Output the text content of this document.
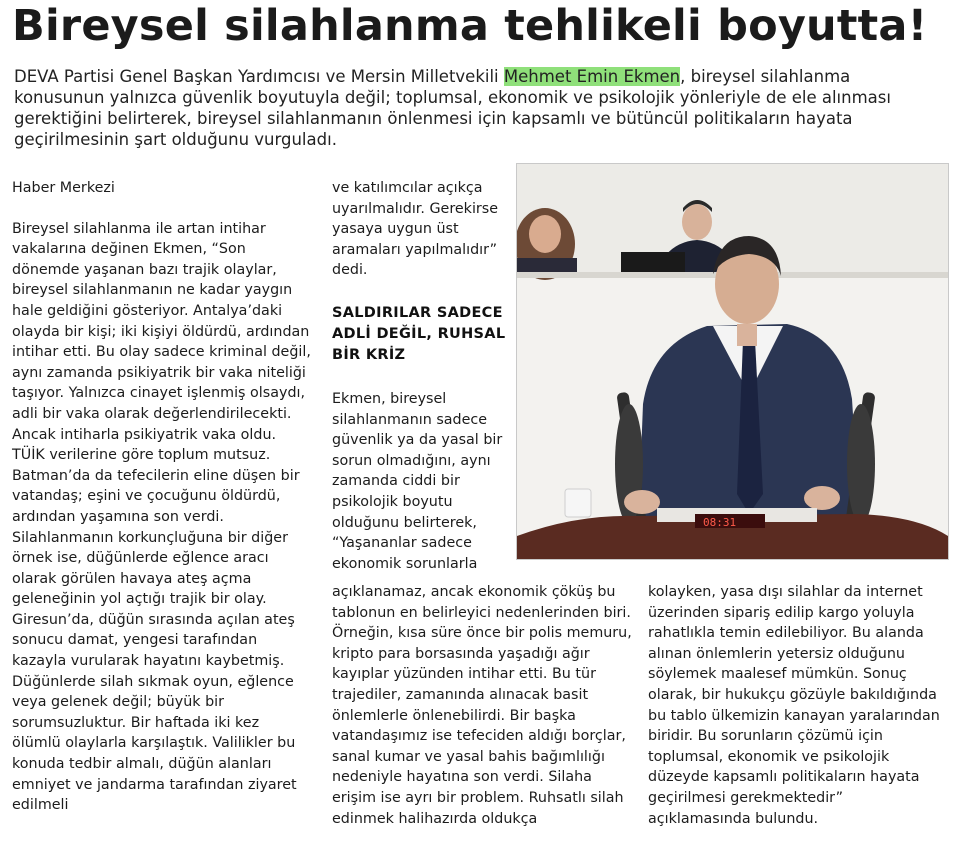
Bireysel silahlanma tehlikeli boyutta!
DEVA Partisi Genel Başkan Yardımcısı ve Mersin Milletvekili Mehmet Emin Ekmen, bireysel silahlanma konusunun yalnızca güvenlik boyutuyla değil; toplumsal, ekonomik ve psikolojik yönleriyle de ele alınması gerektiğini belirterek, bireysel silahlanmanın önlenmesi için kapsamlı ve bütüncül politikaların hayata geçirilmesinin şart olduğunu vurguladı.

Haber Merkezi

Bireysel silahlanma ile artan intihar vakalarına değinen Ekmen, “Son dönemde yaşanan bazı trajik olaylar, bireysel silahlanmanın ne kadar yaygın hale geldiğini gösteriyor. Antalya’daki olayda bir kişi; iki kişiyi öldürdü, ardından intihar etti. Bu olay sadece kriminal değil, aynı zamanda psikiyatrik bir vaka niteliği taşıyor. Yalnızca cinayet işlenmiş olsaydı, adli bir vaka olarak değerlendirilecekti. Ancak intiharla psikiyatrik vaka oldu. TÜİK verilerine göre toplum mutsuz. Batman’da da tefecilerin eline düşen bir vatandaş; eşini ve çocuğunu öldürdü, ardından yaşamına son verdi. Silahlanmanın korkunçluğuna bir diğer örnek ise, düğünlerde eğlence aracı olarak görülen havaya ateş açma geleneğinin yol açtığı trajik bir olay. Giresun’da, düğün sırasında açılan ateş sonucu damat, yengesi tarafından kazayla vurularak hayatını kaybetmiş. Düğünlerde silah sıkmak oyun, eğlence veya gelenek değil; büyük bir sorumsuzluktur. Bir haftada iki kez ölümlü olaylarla karşılaştık. Valilikler bu konuda tedbir almalı, düğün alanları emniyet ve jandarma tarafından ziyaret edilmeli

ve katılımcılar açıkça uyarılmalıdır. Gerekirse yasaya uygun üst aramaları yapılmalıdır” dedi.

SALDIRILAR SADECE ADLİ DEĞİL, RUHSAL BİR KRİZ

Ekmen, bireysel silahlanmanın sadece güvenlik ya da yasal bir sorun olmadığını, aynı zamanda ciddi bir psikolojik boyutu olduğunu belirterek, “Yaşananlar sadece ekonomik sorunlarla

açıklanamaz, ancak ekonomik çöküş bu tablonun en belirleyici nedenlerinden biri. Örneğin, kısa süre önce bir polis memuru, kripto para borsasında yaşadığı ağır kayıplar yüzünden intihar etti. Bu tür trajediler, zamanında alınacak basit önlemlerle önlenebilirdi. Bir başka vatandaşımız ise tefeciden aldığı borçlar, sanal kumar ve yasal bahis bağımlılığı nedeniyle hayatına son verdi. Silaha erişim ise ayrı bir problem. Ruhsatlı silah edinmek halihazırda oldukça

kolayken, yasa dışı silahlar da internet üzerinden sipariş edilip kargo yoluyla rahatlıkla temin edilebiliyor. Bu alanda alınan önlemlerin yetersiz olduğunu söylemek maalesef mümkün. Sonuç olarak, bir hukukçu gözüyle bakıldığında bu tablo ülkemizin kanayan yaralarından biridir. Bu sorunların çözümü için toplumsal, ekonomik ve psikolojik düzeyde kapsamlı politikaların hayata geçirilmesi gerekmektedir” açıklamasında bulundu.

08:31
